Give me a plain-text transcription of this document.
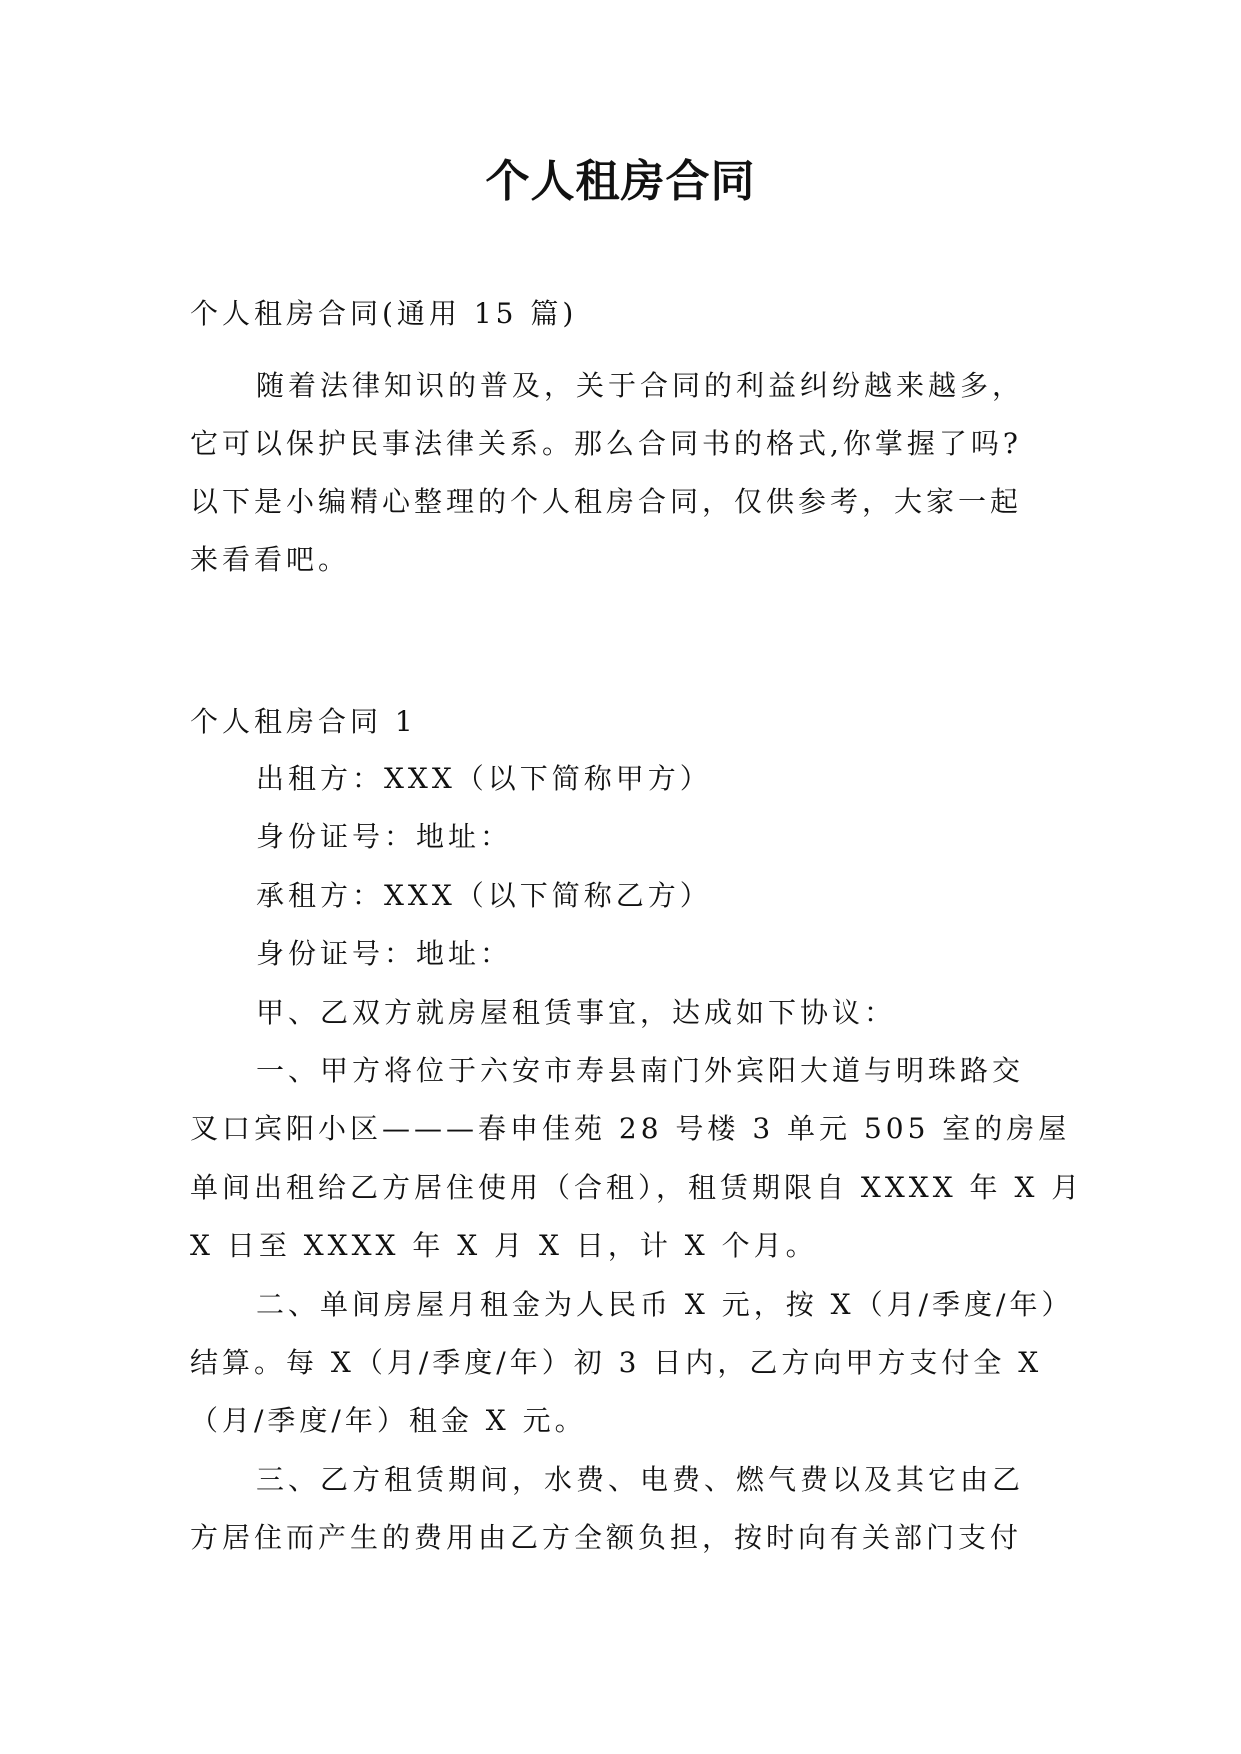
个人租房合同

个人租房合同(通用 15 篇)

随着法律知识的普及，关于合同的利益纠纷越来越多，

它可以保护民事法律关系。那么合同书的格式,你掌握了吗?

以下是小编精心整理的个人租房合同，仅供参考，大家一起

来看看吧。

个人租房合同 1

出租方：XXX（以下简称甲方）

身份证号：地址：

承租方：XXX（以下简称乙方）

身份证号：地址：

甲、乙双方就房屋租赁事宜，达成如下协议：

一、甲方将位于六安市寿县南门外宾阳大道与明珠路交

叉口宾阳小区———春申佳苑 28 号楼 3 单元 505 室的房屋

单间出租给乙方居住使用（合租），租赁期限自 XXXX 年 X 月

X 日至 XXXX 年 X 月 X 日，计 X 个月。

二、单间房屋月租金为人民币 X 元，按 X（月/季度/年）

结算。每 X（月/季度/年）初 3 日内，乙方向甲方支付全 X

（月/季度/年）租金 X 元。

三、乙方租赁期间，水费、电费、燃气费以及其它由乙

方居住而产生的费用由乙方全额负担，按时向有关部门支付
